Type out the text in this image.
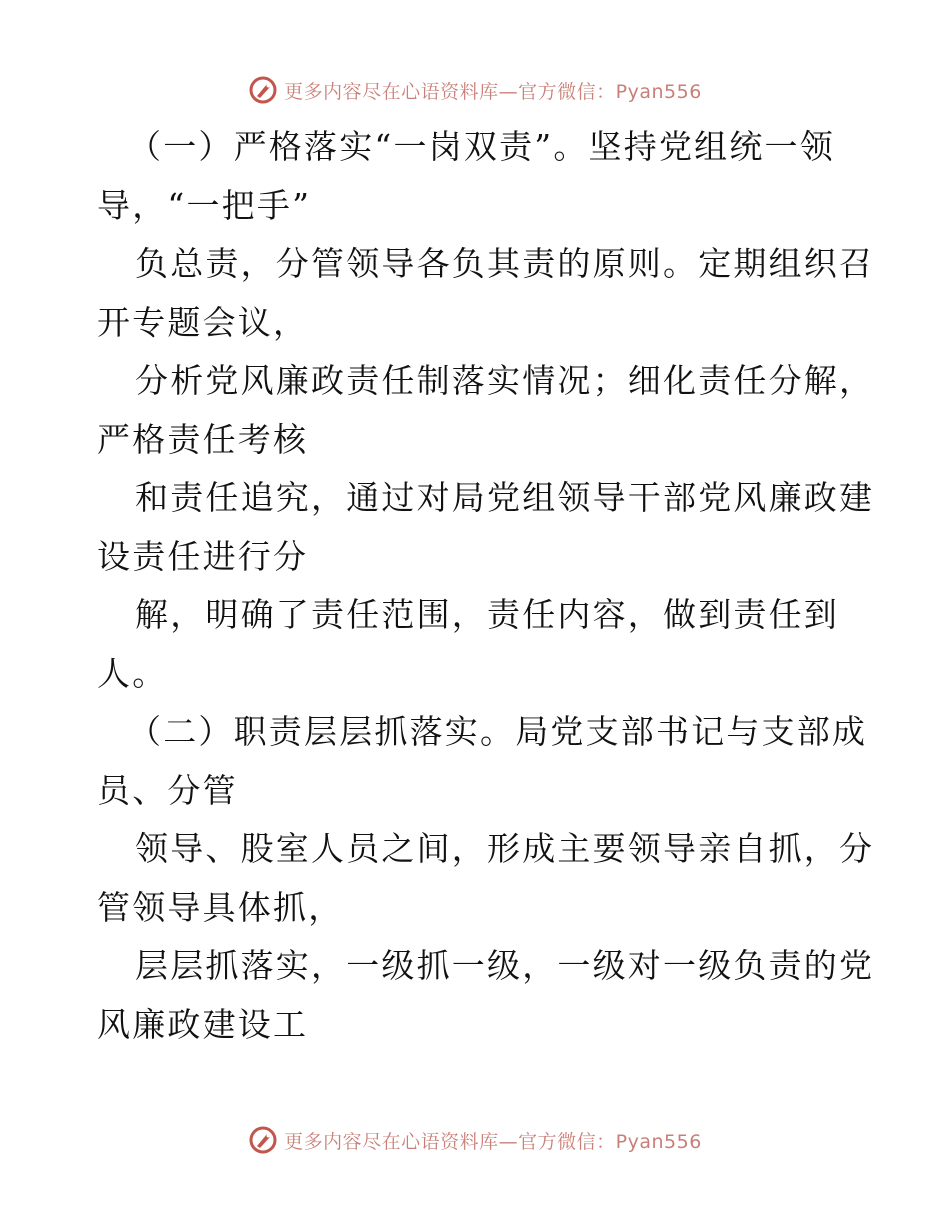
更多内容尽在心语资料库—官方微信：Pyan556
（一）严格落实“一岗双责”。坚持党组统一领
导，“一把手”
负总责，分管领导各负其责的原则。定期组织召
开专题会议，
分析党风廉政责任制落实情况；细化责任分解，
严格责任考核
和责任追究，通过对局党组领导干部党风廉政建
设责任进行分
解，明确了责任范围，责任内容，做到责任到
人。
（二）职责层层抓落实。局党支部书记与支部成
员、分管
领导、股室人员之间，形成主要领导亲自抓，分
管领导具体抓，
层层抓落实，一级抓一级，一级对一级负责的党
风廉政建设工
更多内容尽在心语资料库—官方微信：Pyan556
